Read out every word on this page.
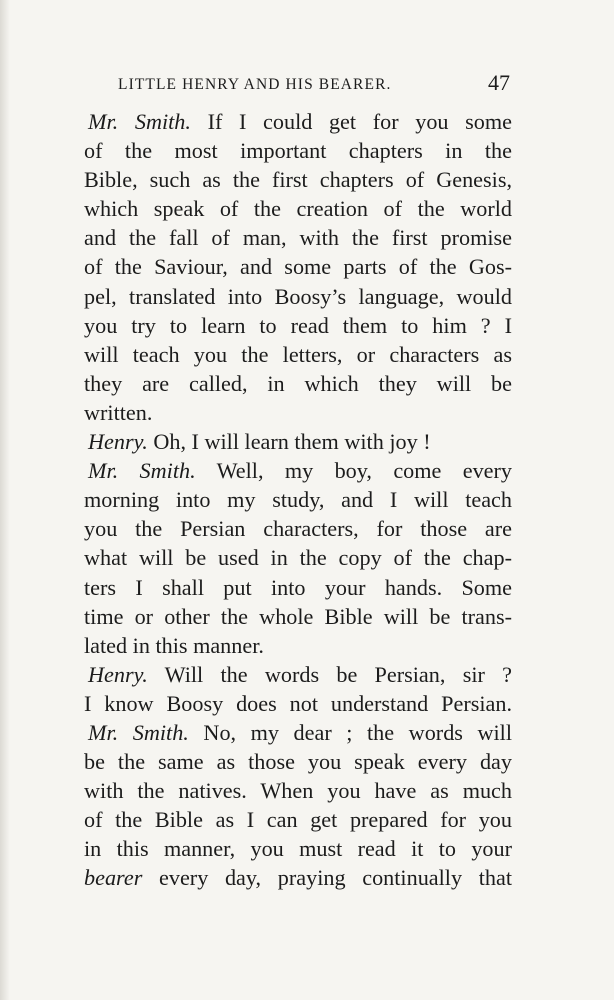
LITTLE HENRY AND HIS BEARER.	47
Mr. Smith. If I could get for you some
of the most important chapters in the
Bible, such as the first chapters of Genesis,
which speak of the creation of the world
and the fall of man, with the first promise
of the Saviour, and some parts of the Gos-
pel, translated into Boosy’s language, would
you try to learn to read them to him ? I
will teach you the letters, or characters as
they are called, in which they will be
written.
Henry. Oh, I will learn them with joy !
Mr. Smith. Well, my boy, come every
morning into my study, and I will teach
you the Persian characters, for those are
what will be used in the copy of the chap-
ters I shall put into your hands. Some
time or other the whole Bible will be trans-
lated in this manner.
Henry. Will the words be Persian, sir ?
I know Boosy does not understand Persian.
Mr. Smith. No, my dear ; the words will
be the same as those you speak every day
with the natives. When you have as much
of the Bible as I can get prepared for you
in this manner, you must read it to your
bearer every day, praying continually that
